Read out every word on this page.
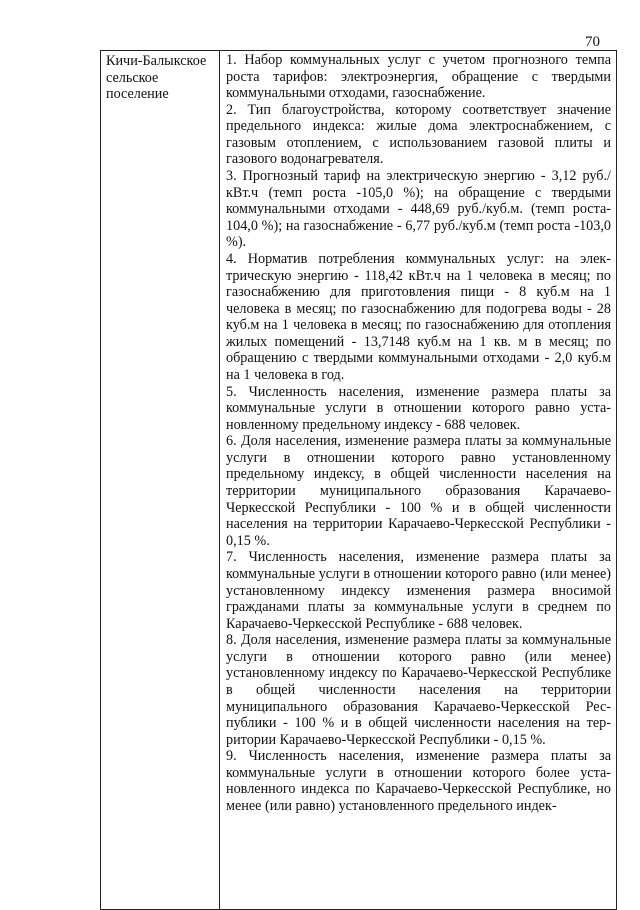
70
Кичи-Балыкское
сельское
поселение

1. Набор коммунальных услуг с учетом прогнозного темпа роста тарифов: электроэнергия, обращение с твердыми коммунальными отходами, газоснабжение.

2. Тип благоустройства, которому соответствует значение предельного индекса: жилые дома электроснабжением, с газовым отоплением, с использованием газовой плиты и газового водонагревателя.

3. Прогнозный тариф на электрическую энергию - 3,12 руб./кВт.ч (темп роста -105,0 %); на обращение с твердыми коммунальными отходами - 448,69 руб./куб.м. (темп роста- 104,0 %); на газоснабжение - 6,77 руб./куб.м (темп роста -103,0 %).

4. Норматив потребления коммунальных услуг: на электрическую энергию - 118,42 кВт.ч на 1 человека в месяц; по газоснабжению для приготовления пищи - 8 куб.м на 1 человека в месяц; по газоснабжению для подогрева воды - 28 куб.м на 1 человека в месяц; по газоснабжению для отопления жилых помещений - 13,7148 куб.м на 1 кв. м в месяц; по обращению с твердыми коммунальными отходами - 2,0 куб.м на 1 человека в год.

5. Численность населения, изменение размера платы за коммунальные услуги в отношении которого равно установленному предельному индексу - 688 человек.

6. Доля населения, изменение размера платы за коммунальные услуги в отношении которого равно установленному предельному индексу, в общей численности населения на территории муниципального образования Карачаево-Черкесской Республики - 100 % и в общей численности населения на территории Карачаево-Черкесской Республики - 0,15 %.

7. Численность населения, изменение размера платы за коммунальные услуги в отношении которого равно (или менее) установленному индексу изменения размера вносимой гражданами платы за коммунальные услуги в среднем по Карачаево-Черкесской Республике - 688 человек.

8. Доля населения, изменение размера платы за коммунальные услуги в отношении которого равно (или менее) установленному индексу по Карачаево-Черкесской Республике в общей численности населения на территории муниципального образования Карачаево-Черкесской Республики - 100 % и в общей численности населения на территории Карачаево-Черкесской Республики - 0,15 %.

9. Численность населения, изменение размера платы за коммунальные услуги в отношении которого более установленного индекса по Карачаево-Черкесской Республике, но менее (или равно) установленного предельного индек-
